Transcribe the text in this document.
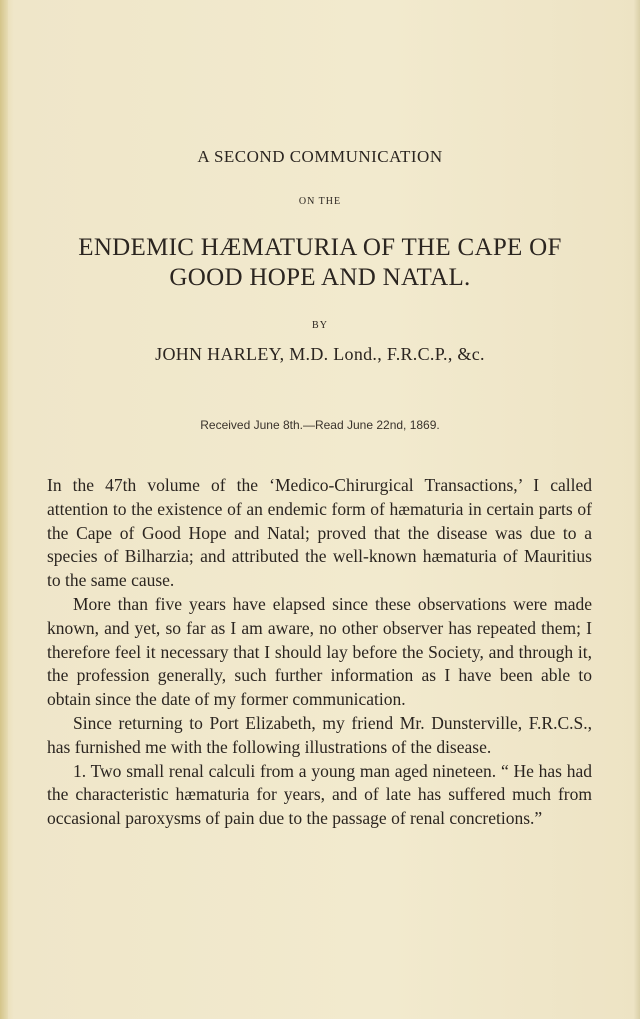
A SECOND COMMUNICATION
ON THE
ENDEMIC HÆMATURIA OF THE CAPE OF
GOOD HOPE AND NATAL.
BY
JOHN HARLEY, M.D. Lond., F.R.C.P., &c.
Received June 8th.—Read June 22nd, 1869.

In the 47th volume of the ‘Medico-Chirurgical Transactions,’ I called attention to the existence of an endemic form of hæmaturia in certain parts of the Cape of Good Hope and Natal; proved that the disease was due to a species of Bilharzia; and attributed the well-known hæmaturia of Mauritius to the same cause.

More than five years have elapsed since these observations were made known, and yet, so far as I am aware, no other observer has repeated them; I therefore feel it necessary that I should lay before the Society, and through it, the profession generally, such further information as I have been able to obtain since the date of my former communication.

Since returning to Port Elizabeth, my friend Mr. Dunsterville, F.R.C.S., has furnished me with the following illustrations of the disease.

1. Two small renal calculi from a young man aged nineteen. “ He has had the characteristic hæmaturia for years, and of late has suffered much from occasional paroxysms of pain due to the passage of renal concretions.”
